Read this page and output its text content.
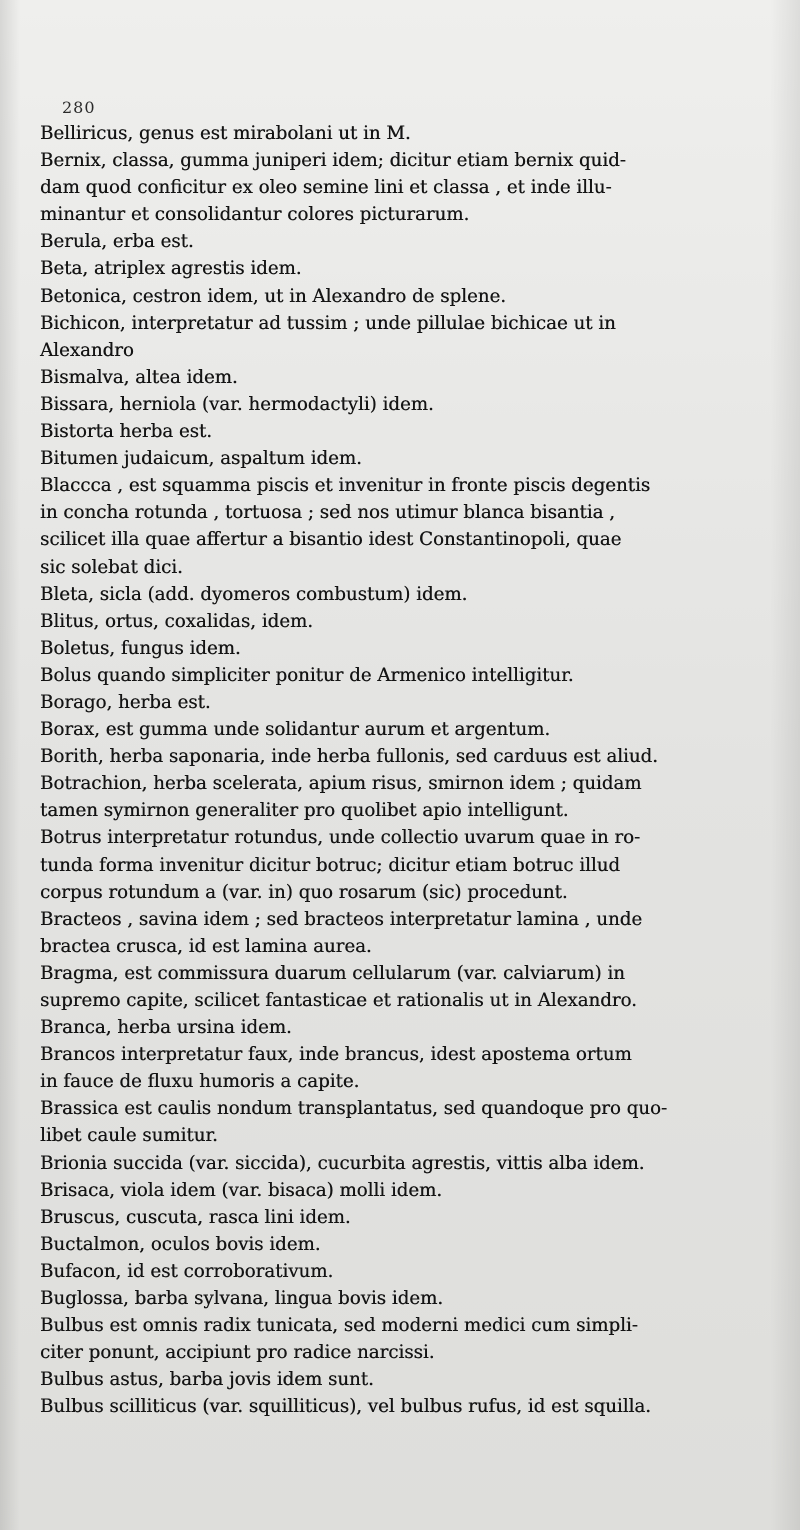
280
Belliricus, genus est mirabolani ut in M.
Bernix, classa, gumma juniperi idem; dicitur etiam bernix quid-
dam quod conficitur ex oleo semine lini et classa , et inde illu-
minantur et consolidantur colores picturarum.
Berula, erba est.
Beta, atriplex agrestis idem.
Betonica, cestron idem, ut in Alexandro de splene.
Bichicon, interpretatur ad tussim ; unde pillulae bichicae ut in
Alexandro
Bismalva, altea idem.
Bissara, herniola (var. hermodactyli) idem.
Bistorta herba est.
Bitumen judaicum, aspaltum idem.
Blaccca , est squamma piscis et invenitur in fronte piscis degentis
in concha rotunda , tortuosa ; sed nos utimur blanca bisantia ,
scilicet illa quae affertur a bisantio idest Constantinopoli, quae
sic solebat dici.
Bleta, sicla (add. dyomeros combustum) idem.
Blitus, ortus, coxalidas, idem.
Boletus, fungus idem.
Bolus quando simpliciter ponitur de Armenico intelligitur.
Borago, herba est.
Borax, est gumma unde solidantur aurum et argentum.
Borith, herba saponaria, inde herba fullonis, sed carduus est aliud.
Botrachion, herba scelerata, apium risus, smirnon idem ; quidam
tamen symirnon generaliter pro quolibet apio intelligunt.
Botrus interpretatur rotundus, unde collectio uvarum quae in ro-
tunda forma invenitur dicitur botruc; dicitur etiam botruc illud
corpus rotundum a (var. in) quo rosarum (sic) procedunt.
Bracteos , savina idem ; sed bracteos interpretatur lamina , unde
bractea crusca, id est lamina aurea.
Bragma, est commissura duarum cellularum (var. calviarum) in
supremo capite, scilicet fantasticae et rationalis ut in Alexandro.
Branca, herba ursina idem.
Brancos interpretatur faux, inde brancus, idest apostema ortum
in fauce de fluxu humoris a capite.
Brassica est caulis nondum transplantatus, sed quandoque pro quo-
libet caule sumitur.
Brionia succida (var. siccida), cucurbita agrestis, vittis alba idem.
Brisaca, viola idem (var. bisaca) molli idem.
Bruscus, cuscuta, rasca lini idem.
Buctalmon, oculos bovis idem.
Bufacon, id est corroborativum.
Buglossa, barba sylvana, lingua bovis idem.
Bulbus est omnis radix tunicata, sed moderni medici cum simpli-
citer ponunt, accipiunt pro radice narcissi.
Bulbus astus, barba jovis idem sunt.
Bulbus scilliticus (var. squilliticus), vel bulbus rufus, id est squilla.
